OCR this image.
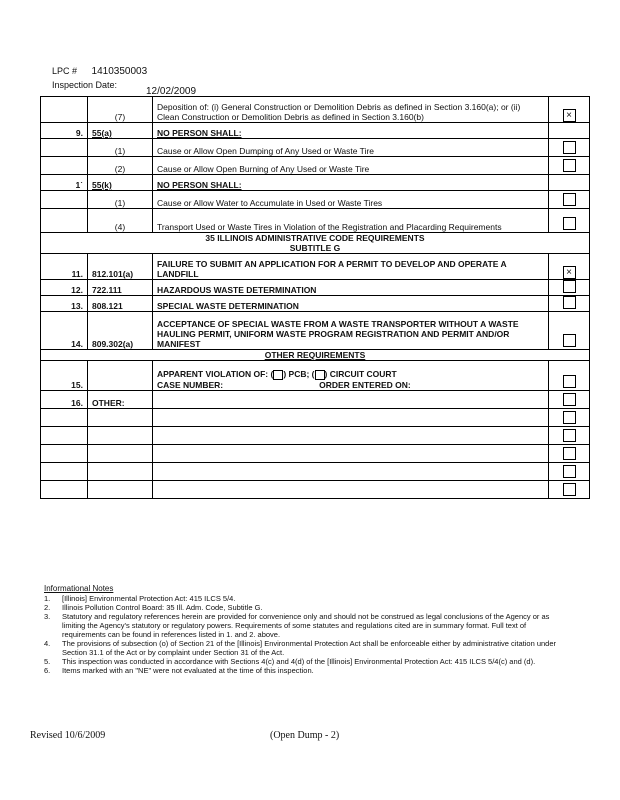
LPC # 1410350003
Inspection Date:
12/02/2009
	(7)	Deposition of: (i) General Construction or Demolition Debris as defined in Section 3.160(a); or (ii) Clean Construction or Demolition Debris as defined in Section 3.160(b)	×
9.	55(a)	NO PERSON SHALL:	
	(1)	Cause or Allow Open Dumping of Any Used or Waste Tire	
	(2)	Cause or Allow Open Burning of Any Used or Waste Tire	
1˙	55(k)	NO PERSON SHALL:	
	(1)	Cause or Allow Water to Accumulate in Used or Waste Tires	
	(4)	Transport Used or Waste Tires in Violation of the Registration and Placarding Requirements	

35 ILLINOIS ADMINISTRATIVE CODE REQUIREMENTS
SUBTITLE G			

11.	812.101(a)	FAILURE TO SUBMIT AN APPLICATION FOR A PERMIT TO DEVELOP AND OPERATE A LANDFILL	×
12.	722.111	HAZARDOUS WASTE DETERMINATION	
13.	808.121	SPECIAL WASTE DETERMINATION	
14.	809.302(a)	ACCEPTANCE OF SPECIAL WASTE FROM A WASTE TRANSPORTER WITHOUT A WASTE HAULING PERMIT, UNIFORM WASTE PROGRAM REGISTRATION AND PERMIT AND/OR MANIFEST	
OTHER REQUIREMENTS			
15.		APPARENT VIOLATION OF: ( ) PCB; ( ) CIRCUIT COURT
CASE NUMBER: ORDER ENTERED ON:	

16.	OTHER:		

Informational Notes
1.	[Illinois] Environmental Protection Act: 415 ILCS 5/4.
2.	Illinois Pollution Control Board: 35 Ill. Adm. Code, Subtitle G.
3.	Statutory and regulatory references herein are provided for convenience only and should not be construed as legal conclusions of the Agency or as limiting the Agency's statutory or regulatory powers. Requirements of some statutes and regulations cited are in summary format. Full text of requirements can be found in references listed in 1. and 2. above.
4.	The provisions of subsection (o) of Section 21 of the [Illinois] Environmental Protection Act shall be enforceable either by administrative citation under Section 31.1 of the Act or by complaint under Section 31 of the Act.
5.	This inspection was conducted in accordance with Sections 4(c) and 4(d) of the [Illinois] Environmental Protection Act: 415 ILCS 5/4(c) and (d).
6.	Items marked with an "NE" were not evaluated at the time of this inspection.
Revised 10/6/2009	(Open Dump - 2)
